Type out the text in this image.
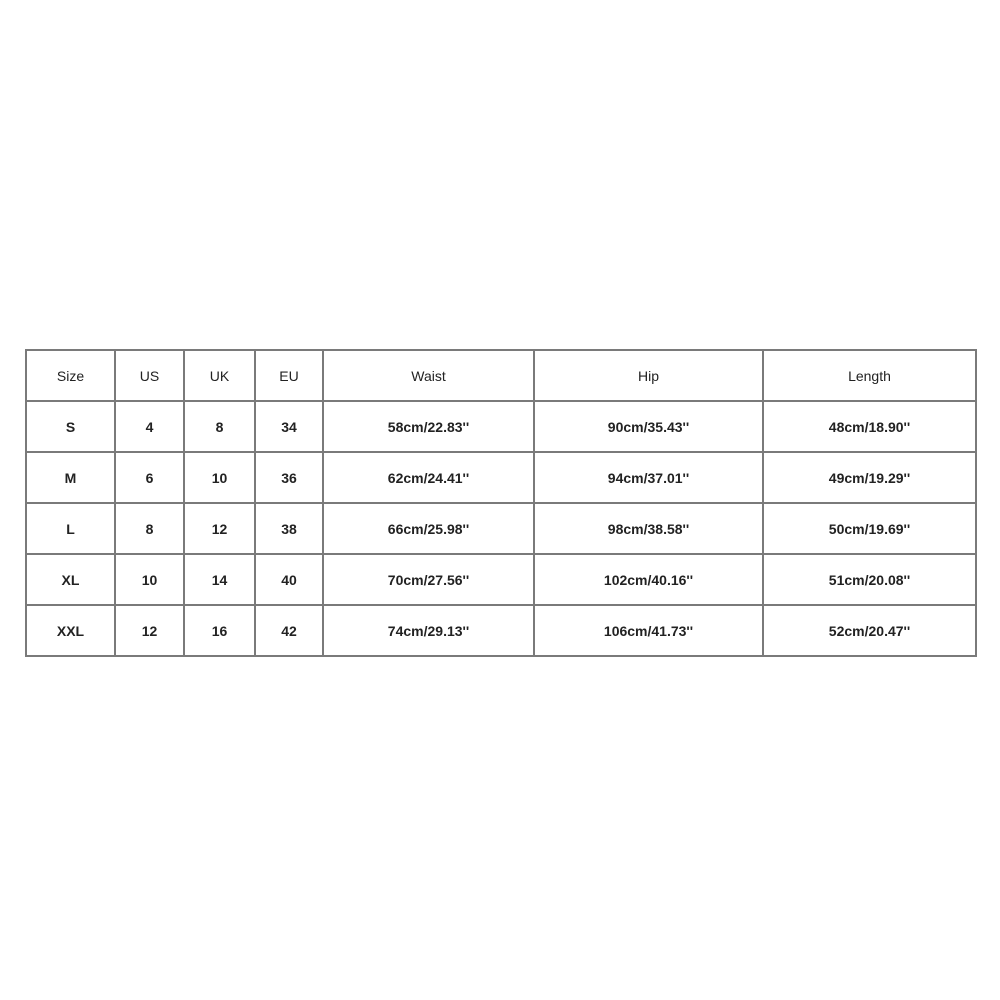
Size	US	UK	EU	Waist	Hip	Length
S	4	8	34	58cm/22.83''	90cm/35.43''	48cm/18.90''
M	6	10	36	62cm/24.41''	94cm/37.01''	49cm/19.29''
L	8	12	38	66cm/25.98''	98cm/38.58''	50cm/19.69''
XL	10	14	40	70cm/27.56''	102cm/40.16''	51cm/20.08''
XXL	12	16	42	74cm/29.13''	106cm/41.73''	52cm/20.47''
